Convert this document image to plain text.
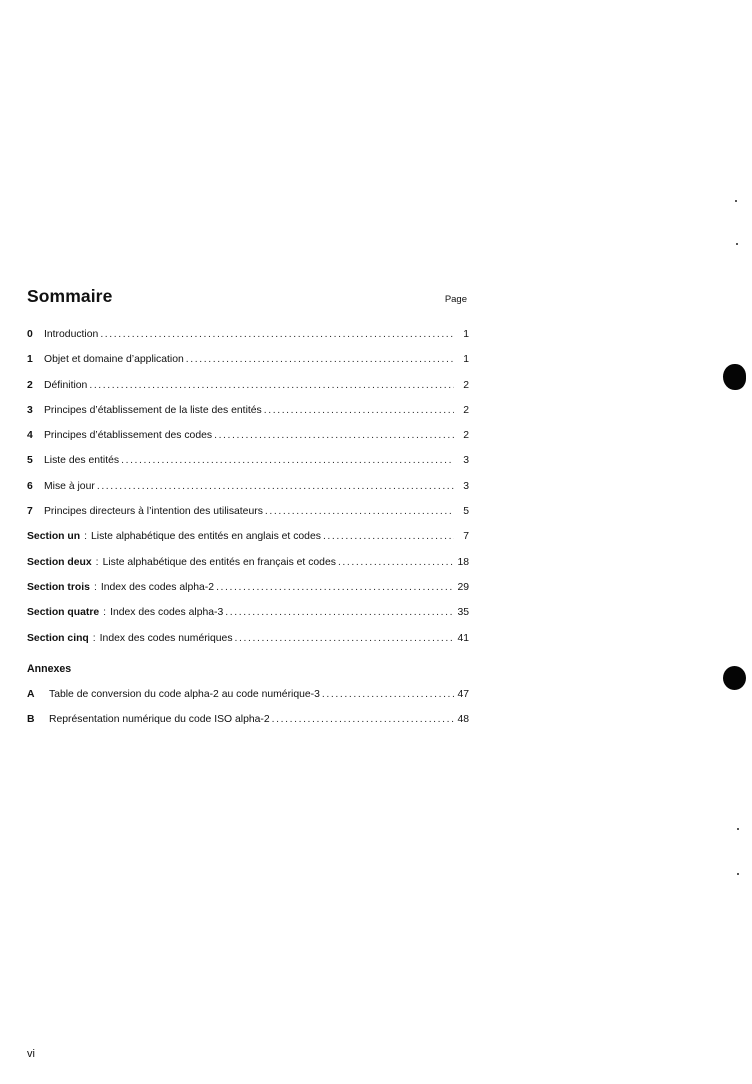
Sommaire	Page
0	Introduction .....	1
1	Objet et domaine d’application .....	1
2	Définition .....	2
3	Principes d’établissement de la liste des entités .....	2
4	Principes d’établissement des codes .....	2
5	Liste des entités .....	3
6	Mise à jour .....	3
7	Principes directeurs à l’intention des utilisateurs .....	5
Section un : Liste alphabétique des entités en anglais et codes .....	7
Section deux : Liste alphabétique des entités en français et codes .....	18
Section trois : Index des codes alpha-2 .....	29
Section quatre : Index des codes alpha-3 .....	35
Section cinq : Index des codes numériques .....	41
Annexes
A	Table de conversion du code alpha-2 au code numérique-3 .....	47
B	Représentation numérique du code ISO alpha-2 .....	48
vi
